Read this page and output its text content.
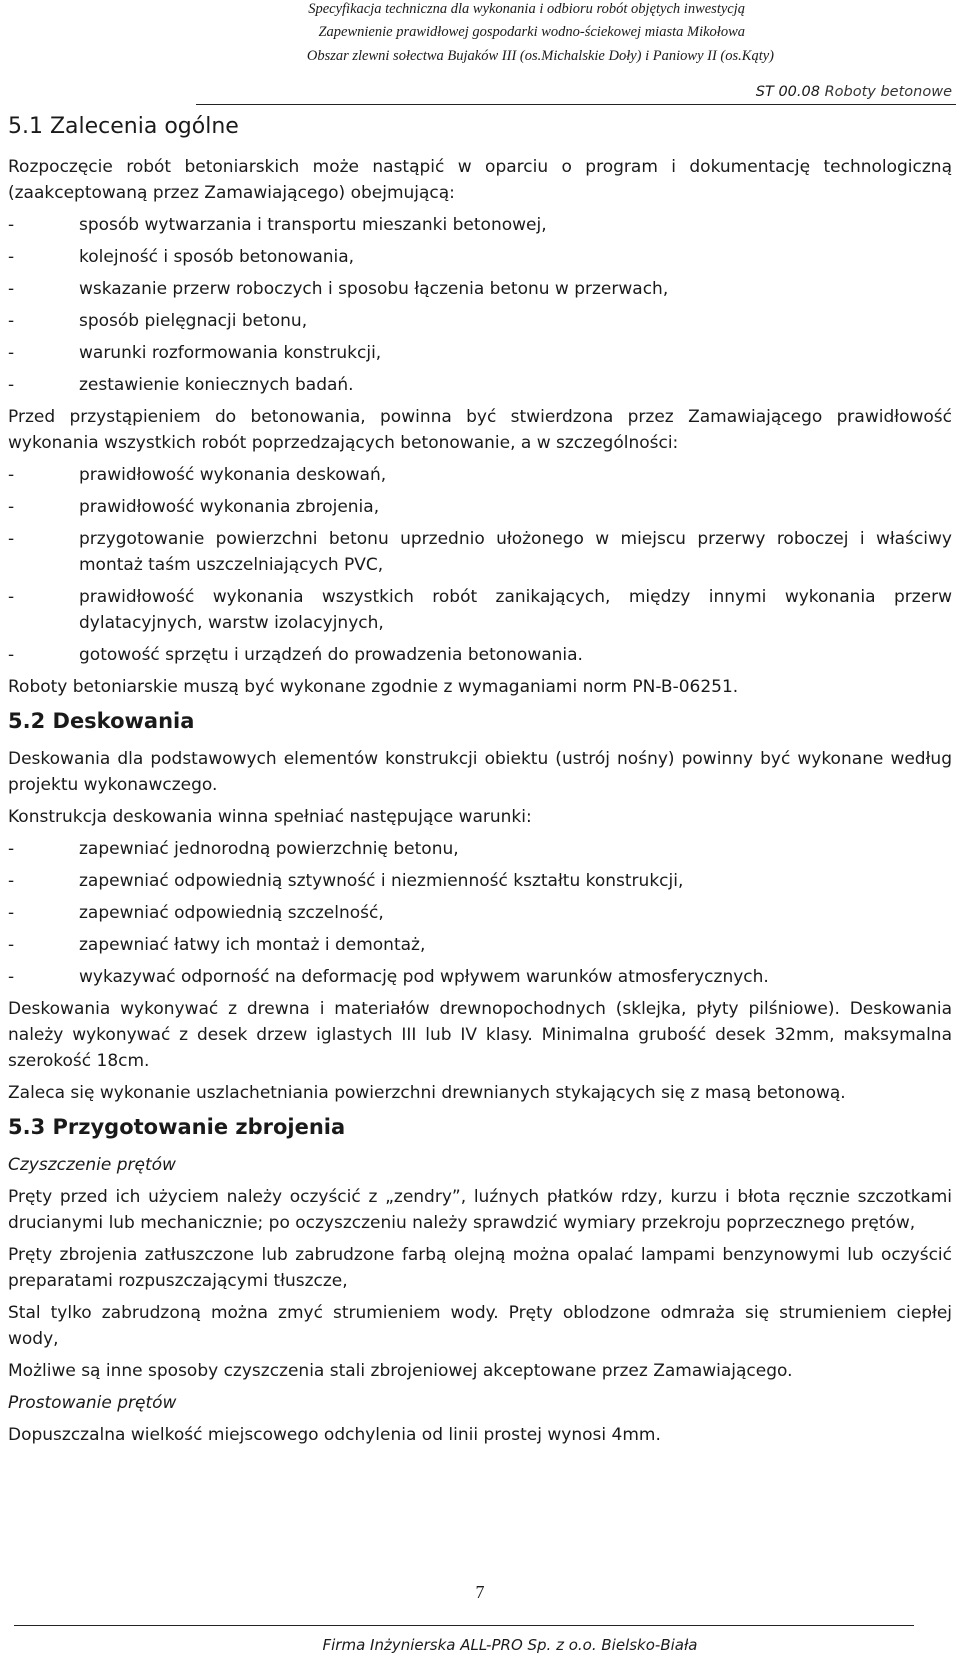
Specyfikacja techniczna dla wykonania i odbioru robót objętych inwestycją
Zapewnienie prawidłowej gospodarki wodno-ściekowej miasta Mikołowa
Obszar zlewni sołectwa Bujaków III (os.Michalskie Doły) i Paniowy II (os.Kąty)
ST 00.08 Roboty betonowe
5.1 Zalecenia ogólne

Rozpoczęcie robót betoniarskich może nastąpić w oparciu o program i dokumentację technologiczną (zaakceptowaną przez Zamawiającego) obejmującą:

- sposób wytwarzania i transportu mieszanki betonowej,
- kolejność i sposób betonowania,
- wskazanie przerw roboczych i sposobu łączenia betonu w przerwach,
- sposób pielęgnacji betonu,
- warunki rozformowania konstrukcji,
- zestawienie koniecznych badań.

Przed przystąpieniem do betonowania, powinna być stwierdzona przez Zamawiającego prawidłowość wykonania wszystkich robót poprzedzających betonowanie, a w szczególności:

- prawidłowość wykonania deskowań,
- prawidłowość wykonania zbrojenia,
- przygotowanie powierzchni betonu uprzednio ułożonego w miejscu przerwy roboczej i właściwy montaż taśm uszczelniających PVC,
- prawidłowość wykonania wszystkich robót zanikających, między innymi wykonania przerw dylatacyjnych, warstw izolacyjnych,
- gotowość sprzętu i urządzeń do prowadzenia betonowania.

Roboty betoniarskie muszą być wykonane zgodnie z wymaganiami norm PN-B-06251.

5.2 Deskowania

Deskowania dla podstawowych elementów konstrukcji obiektu (ustrój nośny) powinny być wykonane według projektu wykonawczego.

Konstrukcja deskowania winna spełniać następujące warunki:

- zapewniać jednorodną powierzchnię betonu,
- zapewniać odpowiednią sztywność i niezmienność kształtu konstrukcji,
- zapewniać odpowiednią szczelność,
- zapewniać łatwy ich montaż i demontaż,
- wykazywać odporność na deformację pod wpływem warunków atmosferycznych.

Deskowania wykonywać z drewna i materiałów drewnopochodnych (sklejka, płyty pilśniowe). Deskowania należy wykonywać z desek drzew iglastych III lub IV klasy. Minimalna grubość desek 32mm, maksymalna szerokość 18cm.

Zaleca się wykonanie uszlachetniania powierzchni drewnianych stykających się z masą betonową.

5.3 Przygotowanie zbrojenia
Czyszczenie prętów

Pręty przed ich użyciem należy oczyścić z „zendry”, luźnych płatków rdzy, kurzu i błota ręcznie szczotkami drucianymi lub mechanicznie; po oczyszczeniu należy sprawdzić wymiary przekroju poprzecznego prętów,

Pręty zbrojenia zatłuszczone lub zabrudzone farbą olejną można opalać lampami benzynowymi lub oczyścić preparatami rozpuszczającymi tłuszcze,

Stal tylko zabrudzoną można zmyć strumieniem wody. Pręty oblodzone odmraża się strumieniem ciepłej wody,

Możliwe są inne sposoby czyszczenia stali zbrojeniowej akceptowane przez Zamawiającego.

Prostowanie prętów

Dopuszczalna wielkość miejscowego odchylenia od linii prostej wynosi 4mm.

7
Firma Inżynierska ALL-PRO Sp. z o.o. Bielsko-Biała
